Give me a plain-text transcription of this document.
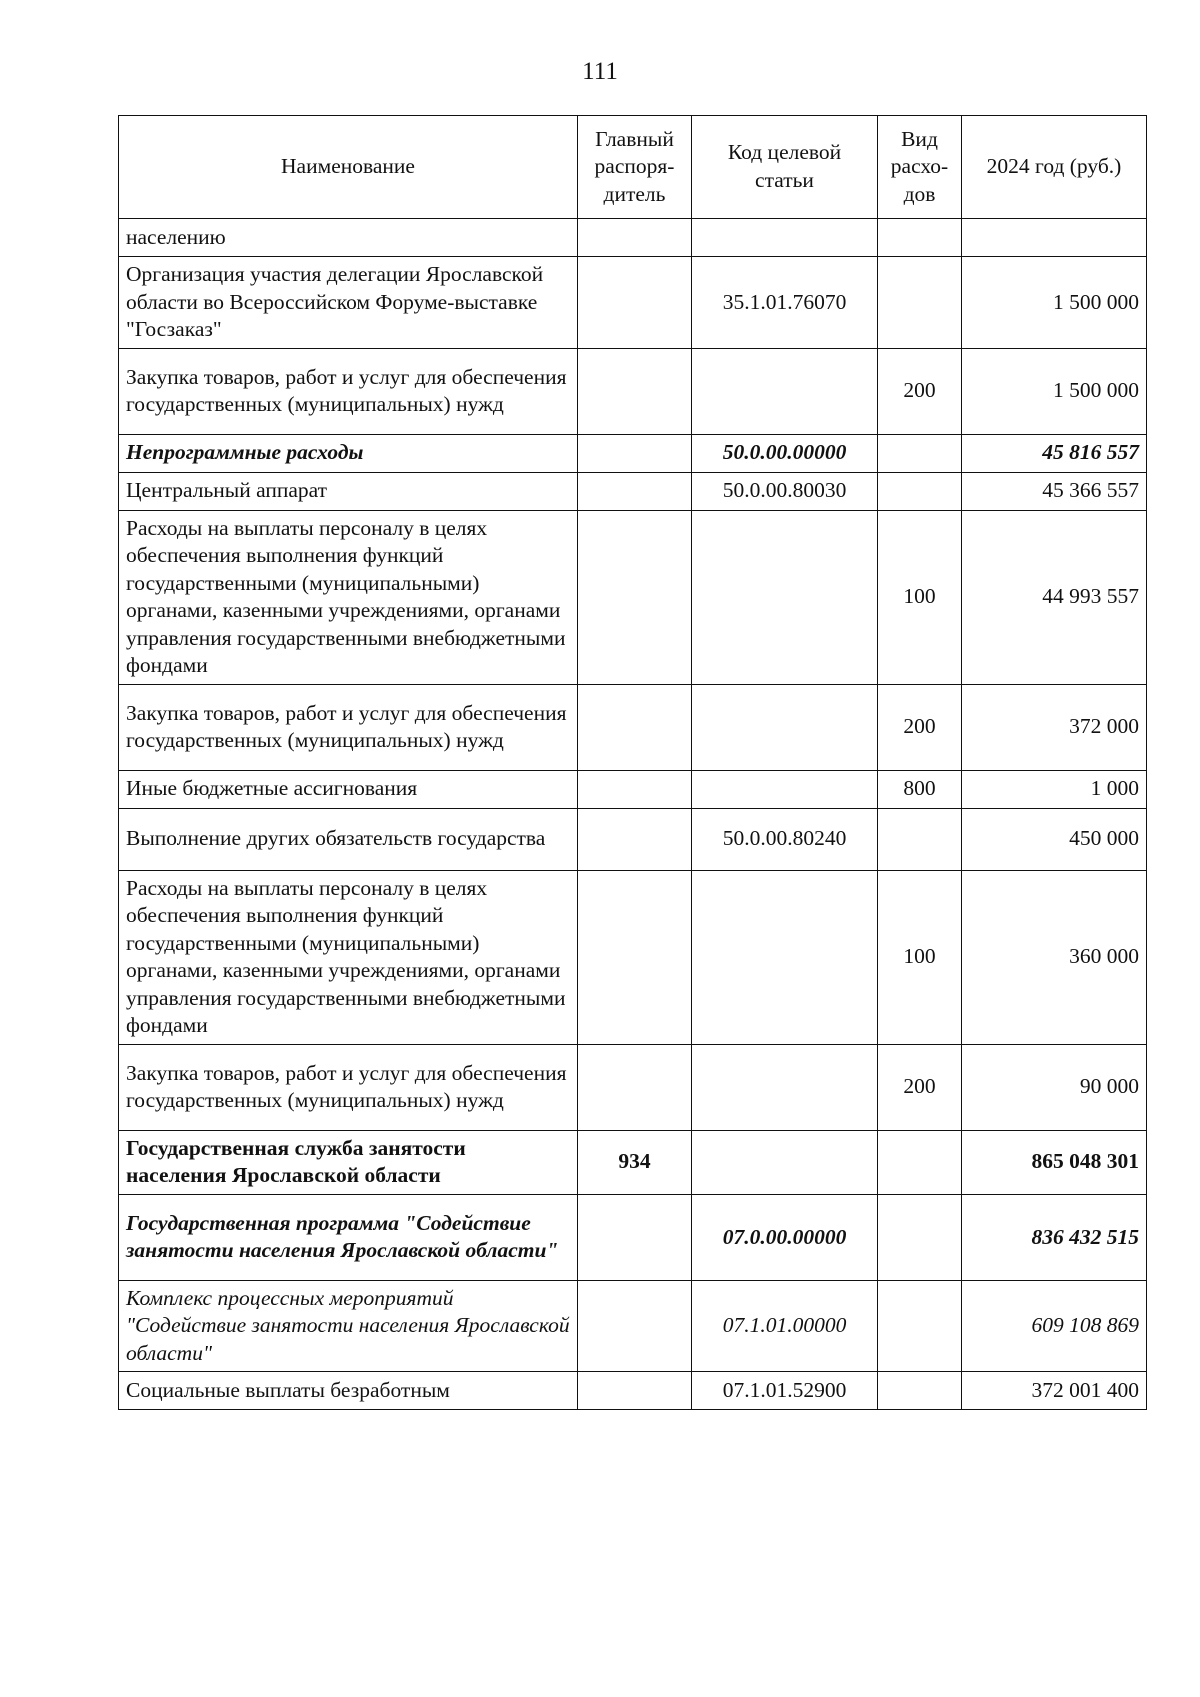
111
Наименование	Главный распоря-дитель	Код целевой статьи	Вид расхо-дов	2024 год (руб.)
населению				
Организация участия делегации Ярославской области во Всероссийском Форуме-выставке "Госзаказ"		35.1.01.76070		1 500 000
Закупка товаров, работ и услуг для обеспечения государственных (муниципальных) нужд			200	1 500 000
Непрограммные расходы		50.0.00.00000		45 816 557
Центральный аппарат		50.0.00.80030		45 366 557
Расходы на выплаты персоналу в целях обеспечения выполнения функций государственными (муниципальными) органами, казенными учреждениями, органами управления государственными внебюджетными фондами			100	44 993 557
Закупка товаров, работ и услуг для обеспечения государственных (муниципальных) нужд			200	372 000
Иные бюджетные ассигнования			800	1 000
Выполнение других обязательств государства		50.0.00.80240		450 000
Расходы на выплаты персоналу в целях обеспечения выполнения функций государственными (муниципальными) органами, казенными учреждениями, органами управления государственными внебюджетными фондами			100	360 000
Закупка товаров, работ и услуг для обеспечения государственных (муниципальных) нужд			200	90 000
Государственная служба занятости населения Ярославской области	934			865 048 301
Государственная программа "Содействие занятости населения Ярославской области"		07.0.00.00000		836 432 515
Комплекс процессных мероприятий "Содействие занятости населения Ярославской области"		07.1.01.00000		609 108 869
Социальные выплаты безработным		07.1.01.52900		372 001 400
